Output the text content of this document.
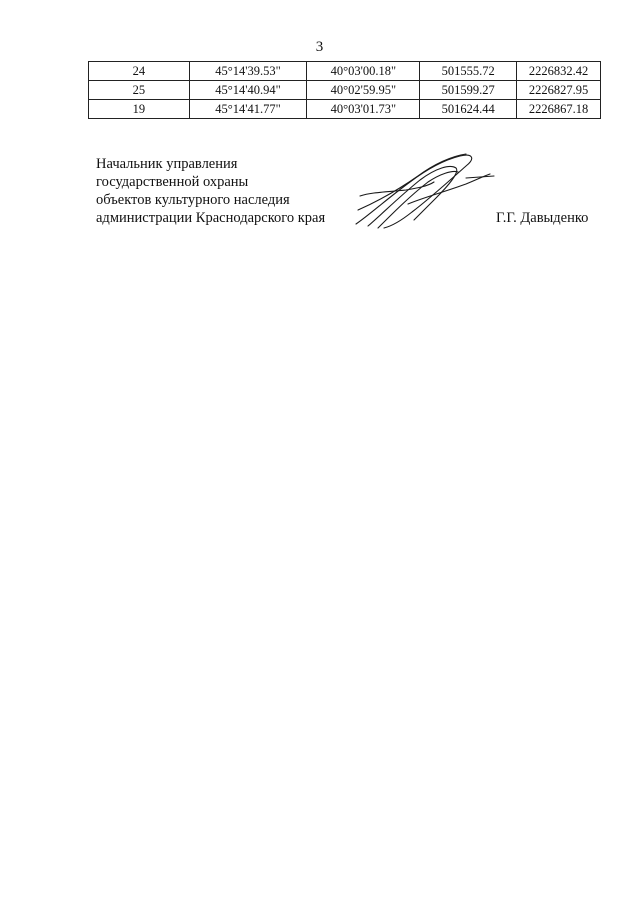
3
24	45°14'39.53"	40°03'00.18"	501555.72	2226832.42
25	45°14'40.94"	40°02'59.95"	501599.27	2226827.95
19	45°14'41.77"	40°03'01.73"	501624.44	2226867.18
Начальник управления
государственной охраны
объектов культурного наследия
администрации Краснодарского края	Г.Г. Давыденко
